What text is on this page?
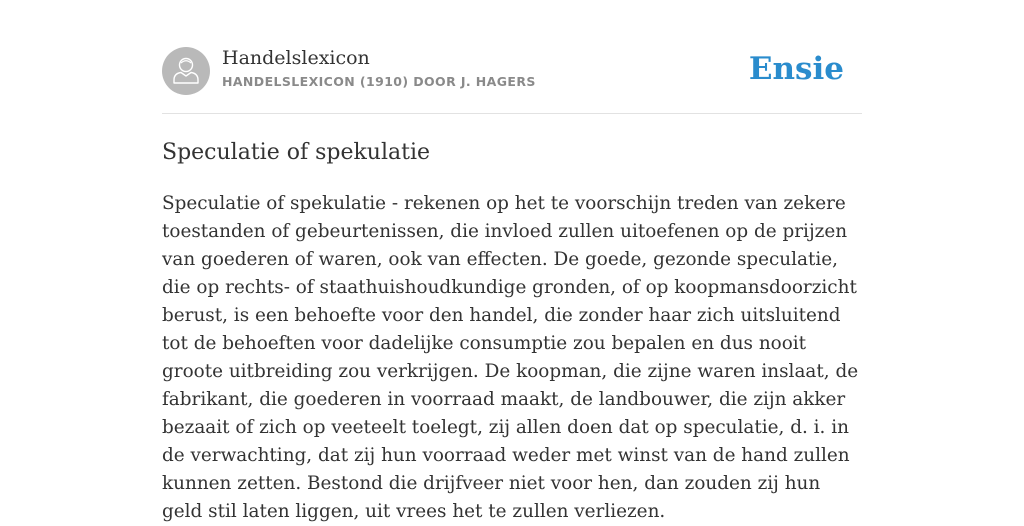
Handelslexicon
HANDELSLEXICON (1910) DOOR J. HAGERS	Ensie
Speculatie of spekulatie

Speculatie of spekulatie - rekenen op het te voorschijn treden van zekere toestanden of gebeurtenissen, die invloed zullen uitoefenen op de prijzen van goederen of waren, ook van effecten. De goede, gezonde speculatie, die op rechts- of staathuishoudkundige gronden, of op koopmansdoorzicht berust, is een behoefte voor den handel, die zonder haar zich uitsluitend tot de behoeften voor dadelijke consumptie zou bepalen en dus nooit groote uitbreiding zou verkrijgen. De koopman, die zijne waren inslaat, de fabrikant, die goederen in voorraad maakt, de landbouwer, die zijn akker bezaait of zich op veeteelt toelegt, zij allen doen dat op speculatie, d. i. in de verwachting, dat zij hun voorraad weder met winst van de hand zullen kunnen zetten. Bestond die drijfveer niet voor hen, dan zouden zij hun geld stil laten liggen, uit vrees het te zullen verliezen.
